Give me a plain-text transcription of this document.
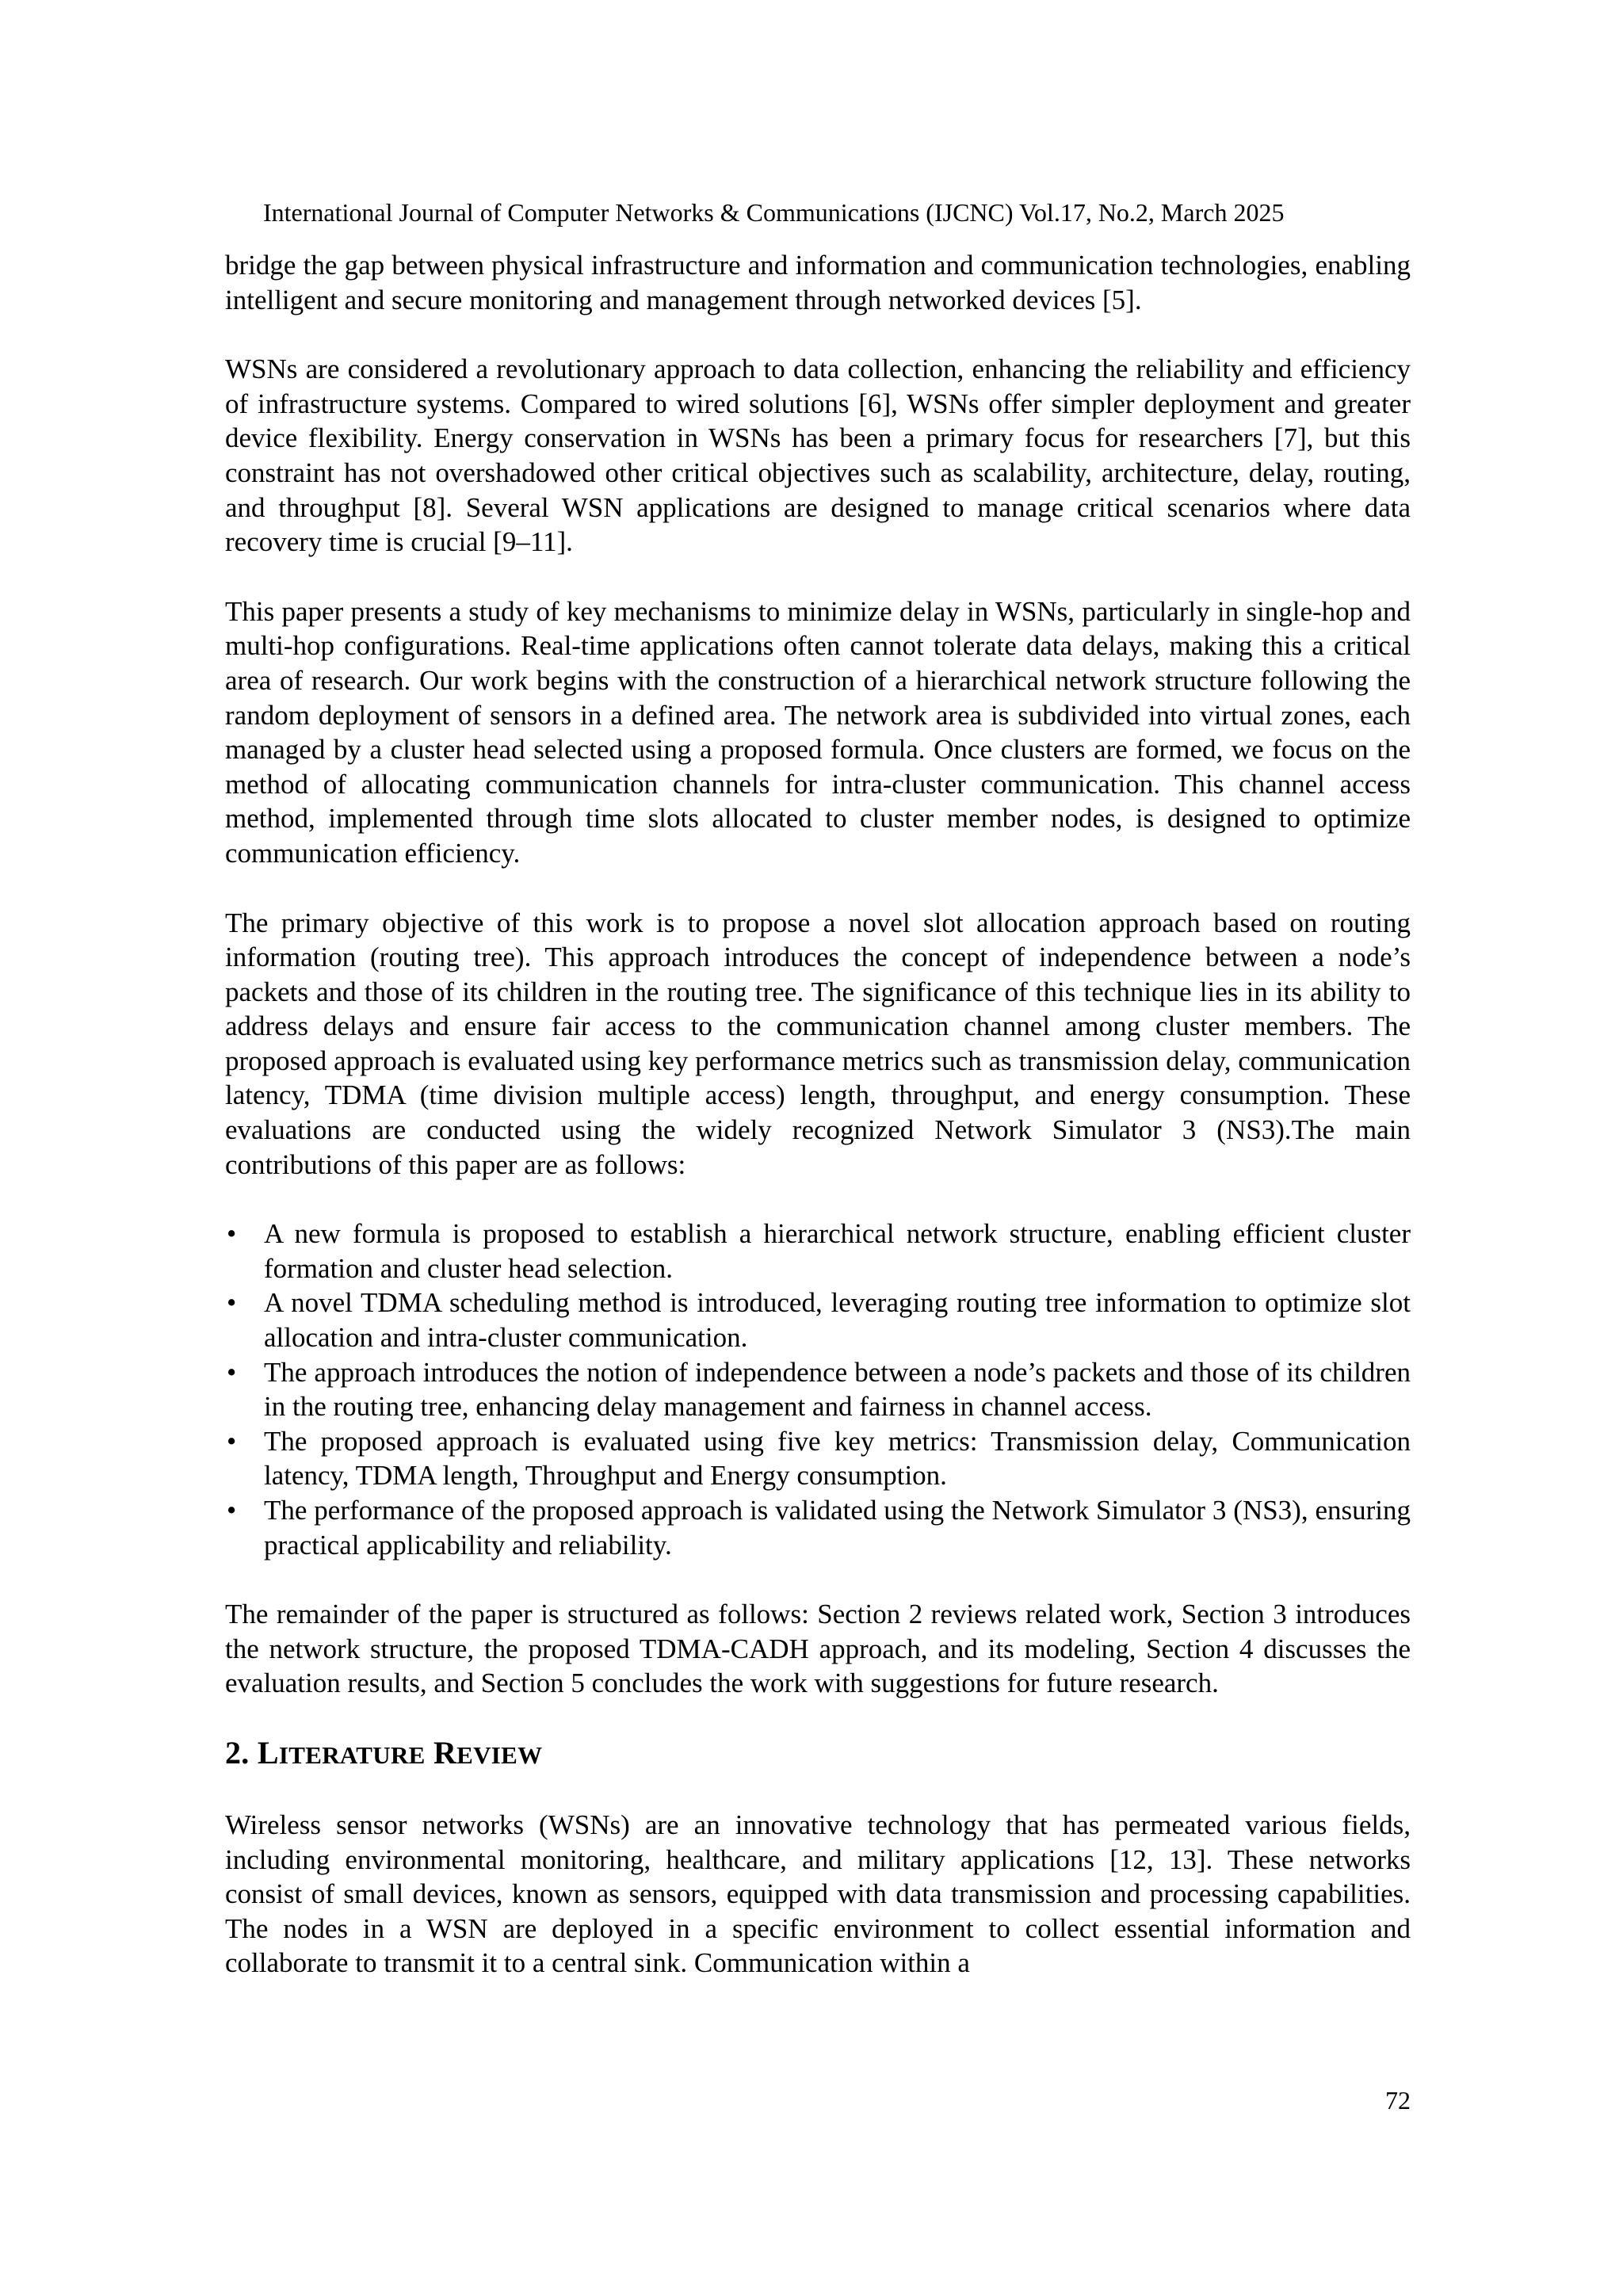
International Journal of Computer Networks & Communications (IJCNC) Vol.17, No.2, March 2025

bridge the gap between physical infrastructure and information and communication technologies, enabling intelligent and secure monitoring and management through networked devices [5].

WSNs are considered a revolutionary approach to data collection, enhancing the reliability and efficiency of infrastructure systems. Compared to wired solutions [6], WSNs offer simpler deployment and greater device flexibility. Energy conservation in WSNs has been a primary focus for researchers [7], but this constraint has not overshadowed other critical objectives such as scalability, architecture, delay, routing, and throughput [8]. Several WSN applications are designed to manage critical scenarios where data recovery time is crucial [9–11].

This paper presents a study of key mechanisms to minimize delay in WSNs, particularly in single-hop and multi-hop configurations. Real-time applications often cannot tolerate data delays, making this a critical area of research. Our work begins with the construction of a hierarchical network structure following the random deployment of sensors in a defined area. The network area is subdivided into virtual zones, each managed by a cluster head selected using a proposed formula. Once clusters are formed, we focus on the method of allocating communication channels for intra-cluster communication. This channel access method, implemented through time slots allocated to cluster member nodes, is designed to optimize communication efficiency.

The primary objective of this work is to propose a novel slot allocation approach based on routing information (routing tree). This approach introduces the concept of independence between a node’s packets and those of its children in the routing tree. The significance of this technique lies in its ability to address delays and ensure fair access to the communication channel among cluster members. The proposed approach is evaluated using key performance metrics such as transmission delay, communication latency, TDMA (time division multiple access) length, throughput, and energy consumption. These evaluations are conducted using the widely recognized Network Simulator 3 (NS3).The main contributions of this paper are as follows:

• A new formula is proposed to establish a hierarchical network structure, enabling efficient cluster formation and cluster head selection.
• A novel TDMA scheduling method is introduced, leveraging routing tree information to optimize slot allocation and intra-cluster communication.
• The approach introduces the notion of independence between a node’s packets and those of its children in the routing tree, enhancing delay management and fairness in channel access.
• The proposed approach is evaluated using five key metrics: Transmission delay, Communication latency, TDMA length, Throughput and Energy consumption.
• The performance of the proposed approach is validated using the Network Simulator 3 (NS3), ensuring practical applicability and reliability.

The remainder of the paper is structured as follows: Section 2 reviews related work, Section 3 introduces the network structure, the proposed TDMA-CADH approach, and its modeling, Section 4 discusses the evaluation results, and Section 5 concludes the work with suggestions for future research.

2. LITERATURE REVIEW

Wireless sensor networks (WSNs) are an innovative technology that has permeated various fields, including environmental monitoring, healthcare, and military applications [12, 13]. These networks consist of small devices, known as sensors, equipped with data transmission and processing capabilities. The nodes in a WSN are deployed in a specific environment to collect essential information and collaborate to transmit it to a central sink. Communication within a

72
